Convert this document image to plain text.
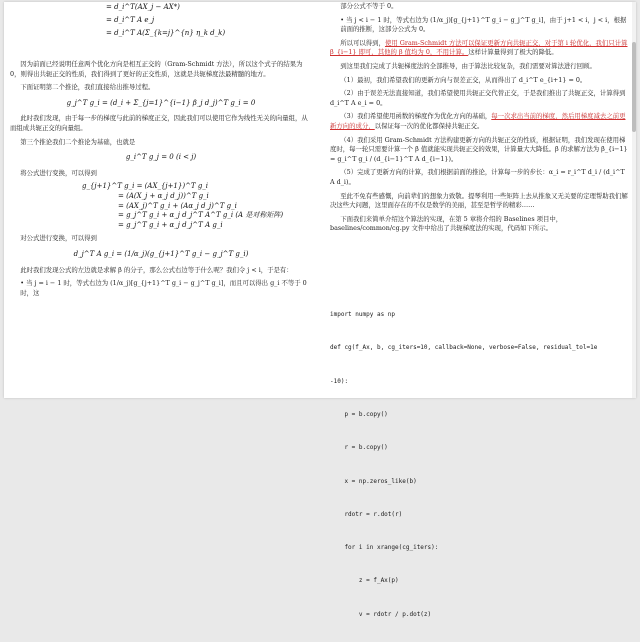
= d_i^T(AX_j − AX*)
= d_i^T A e_j
= d_i^T A(Σ_{k=j}^{n} η_k d_k)

因为前面已经说明任意两个优化方向是相互正交的（Gram-Schmidt 方法），所以这个式子的结果为 0，则得出共轭正交的性质，我们得到了更好的正交性质，这就是共轭梯度法最精髓的地方。

下面证明第二个推论，我们直接给出推导过程。

g_j^T g_i = (d_i + Σ_{j=1}^{i−1} β_j d_j)^T g_i = 0

此时我们发现，由于每一步的梯度与此前的梯度正交，因此我们可以使用它作为线性无关的向量组，从而组成共轭正交的向量组。

第三个推论我们二个推论为基础，也就是

g_i^T g_j = 0 (i < j)

将公式进行变换，可以得到

g_{j+1}^T g_i = (AX_{j+1})^T g_i
= (A(X_j + α_j d_j))^T g_i
= (AX_j)^T g_i + (Aα_j d_j)^T g_i
= g_j^T g_i + α_j d_j^T A^T g_i (A 是对称矩阵)
= g_j^T g_i + α_j d_j^T A g_i

对公式进行变换，可以得到

d_j^T A g_i = (1/α_j)(g_{j+1}^T g_i − g_j^T g_i)

此时我们发现公式的左边就是求解 β 的分子，那么公式右边等于什么呢？我们令 j < i，于是有：

• 当 j = i − 1 时，等式右边为 (1/α_j)[g_{j+1}^T g_i − g_j^T g_i]，而且可以得出 g_i 不等于 0 时，这

部分公式不等于 0。

• 当 j < i − 1 时，等式右边为 (1/α_j)[g_{j+1}^T g_i − g_j^T g_i]，由于 j+1 < i，j < i，根据前面的推断，这部分公式为 0。

所以可以得到，使用 Gram-Schmidt 方法可以保证更新方向共轭正交，对于第 i 轮优化，我们只计算 β_{i−1} 即可，其他的 β 值均为 0，不用计算。这样计算量得到了极大的降低。

到这里我们完成了共轭梯度法的全部推导，由于算法比较复杂，我们需要对算法进行回顾。

（1）最初，我们希望我们的更新方向与误差正交，从而得出了 d_i^T e_{i+1} = 0。

（2）由于误差无法直接知道，我们希望使用共轭正交代替正交，于是我们推出了共轭正交，计算得到 d_i^T A e_i = 0。

（3）我们希望使用函数的梯度作为优化方向的基础，每一次求出当前的梯度，然后用梯度减去之前更新方向的成分，以保证每一次的优化都保持共轭正交。

（4）我们采用 Gram-Schmidt 方法构建更新方向的共轭正交的性质，根据证明，我们发现在使用梯度时，每一轮只需要计算一个 β 值就能实现共轭正交的效果，计算量大大降低。β 的求解方法为 β_{i−1} = g_i^T g_i / (d_{i−1}^T A d_{i−1})。

（5）完成了更新方向的计算，我们根据前面的推论，计算每一步的步长：α_i = r_i^T d_i / (d_i^T A d_i)。

至此不免有些感慨，向前辈们的想象力致敬。提琴利用一些矩阵上去从推象又无关要的定理帮助我们解决这些大问题，这里面存在的不仅是数学的美丽，甚至是哲学的精彩……

下面我们来简单介绍这个算法的实现，在第 5 章将介绍的 Baselines 项目中，baselines/common/cg.py 文件中给出了共轭梯度法的实现，代码如下所示。

import numpy as np

def cg(f_Ax, b, cg_iters=10, callback=None, verbose=False, residual_tol=1e

-10):

p = b.copy()

r = b.copy()

x = np.zeros_like(b)

rdotr = r.dot(r)

for i in xrange(cg_iters):

z = f_Ax(p)

v = rdotr / p.dot(z)
